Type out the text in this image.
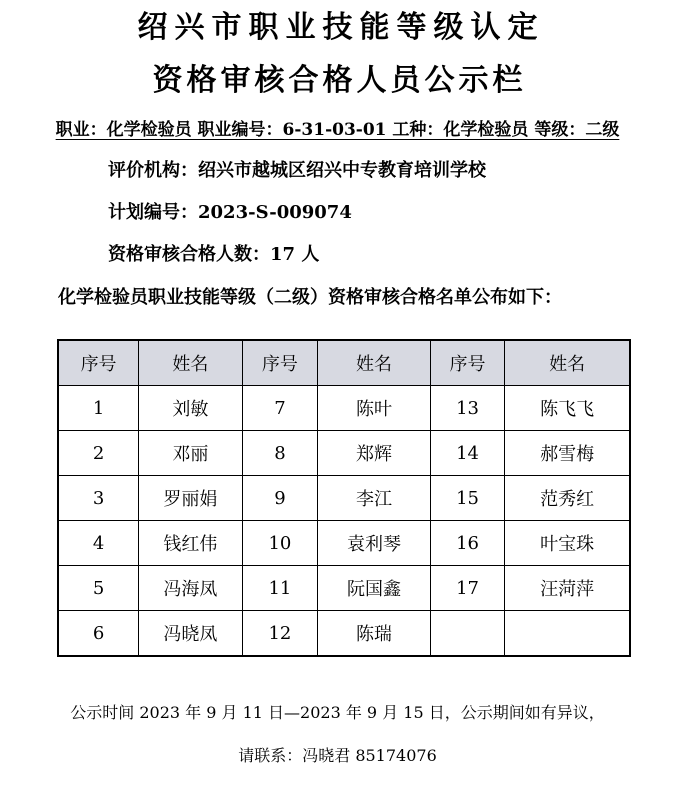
绍兴市职业技能等级认定
资格审核合格人员公示栏
职业：化学检验员 职业编号：6-31-03-01 工种：化学检验员 等级：二级
评价机构：绍兴市越城区绍兴中专教育培训学校
计划编号：2023-S-009074
资格审核合格人数：17 人
化学检验员职业技能等级（二级）资格审核合格名单公布如下：
序号	姓名	序号	姓名	序号	姓名
1	刘敏	7	陈叶	13	陈飞飞
2	邓丽	8	郑辉	14	郝雪梅
3	罗丽娟	9	李江	15	范秀红
4	钱红伟	10	袁利琴	16	叶宝珠
5	冯海凤	11	阮国鑫	17	汪菏萍
6	冯晓凤	12	陈瑞		

公示时间 2023 年 9 月 11 日—2023 年 9 月 15 日，公示期间如有异议，

请联系：冯晓君 85174076
